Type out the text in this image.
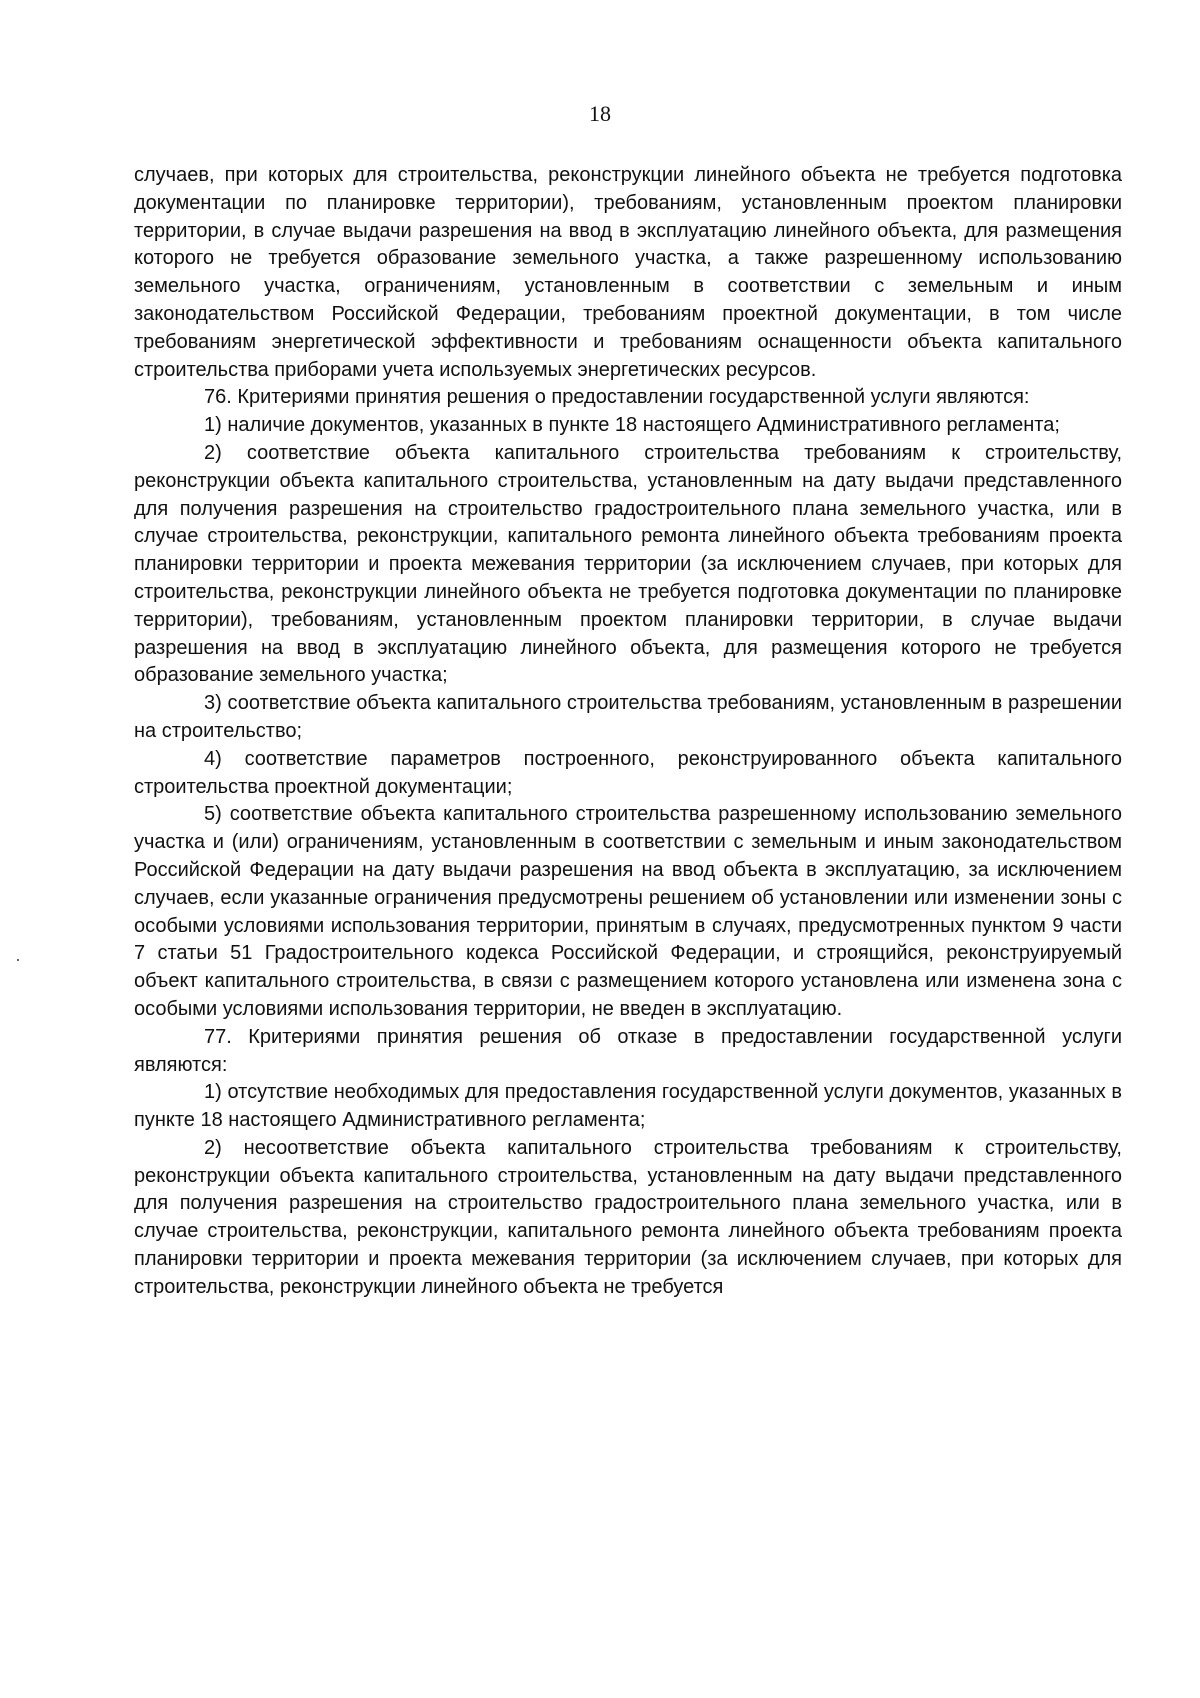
18

случаев, при которых для строительства, реконструкции линейного объекта не требуется подготовка документации по планировке территории), требованиям, установленным проектом планировки территории, в случае выдачи разрешения на ввод в эксплуатацию линейного объекта, для размещения которого не требуется образование земельного участка, а также разрешенному использованию земельного участка, ограничениям, установленным в соответствии с земельным и иным законодательством Российской Федерации, требованиям проектной документации, в том числе требованиям энергетической эффективности и требованиям оснащенности объекта капитального строительства приборами учета используемых энергетических ресурсов.

76. Критериями принятия решения о предоставлении государственной услуги являются:

1) наличие документов, указанных в пункте 18 настоящего Административного регламента;

2) соответствие объекта капитального строительства требованиям к строительству, реконструкции объекта капитального строительства, установленным на дату выдачи представленного для получения разрешения на строительство градостроительного плана земельного участка, или в случае строительства, реконструкции, капитального ремонта линейного объекта требованиям проекта планировки территории и проекта межевания территории (за исключением случаев, при которых для строительства, реконструкции линейного объекта не требуется подготовка документации по планировке территории), требованиям, установленным проектом планировки территории, в случае выдачи разрешения на ввод в эксплуатацию линейного объекта, для размещения которого не требуется образование земельного участка;

3) соответствие объекта капитального строительства требованиям, установленным в разрешении на строительство;

4) соответствие параметров построенного, реконструированного объекта капитального строительства проектной документации;

5) соответствие объекта капитального строительства разрешенному использованию земельного участка и (или) ограничениям, установленным в соответствии с земельным и иным законодательством Российской Федерации на дату выдачи разрешения на ввод объекта в эксплуатацию, за исключением случаев, если указанные ограничения предусмотрены решением об установлении или изменении зоны с особыми условиями использования территории, принятым в случаях, предусмотренных пунктом 9 части 7 статьи 51 Градостроительного кодекса Российской Федерации, и строящийся, реконструируемый объект капитального строительства, в связи с размещением которого установлена или изменена зона с особыми условиями использования территории, не введен в эксплуатацию.

77. Критериями принятия решения об отказе в предоставлении государственной услуги являются:

1) отсутствие необходимых для предоставления государственной услуги документов, указанных в пункте 18 настоящего Административного регламента;

2) несоответствие объекта капитального строительства требованиям к строительству, реконструкции объекта капитального строительства, установленным на дату выдачи представленного для получения разрешения на строительство градостроительного плана земельного участка, или в случае строительства, реконструкции, капитального ремонта линейного объекта требованиям проекта планировки территории и проекта межевания территории (за исключением случаев, при которых для строительства, реконструкции линейного объекта не требуется
